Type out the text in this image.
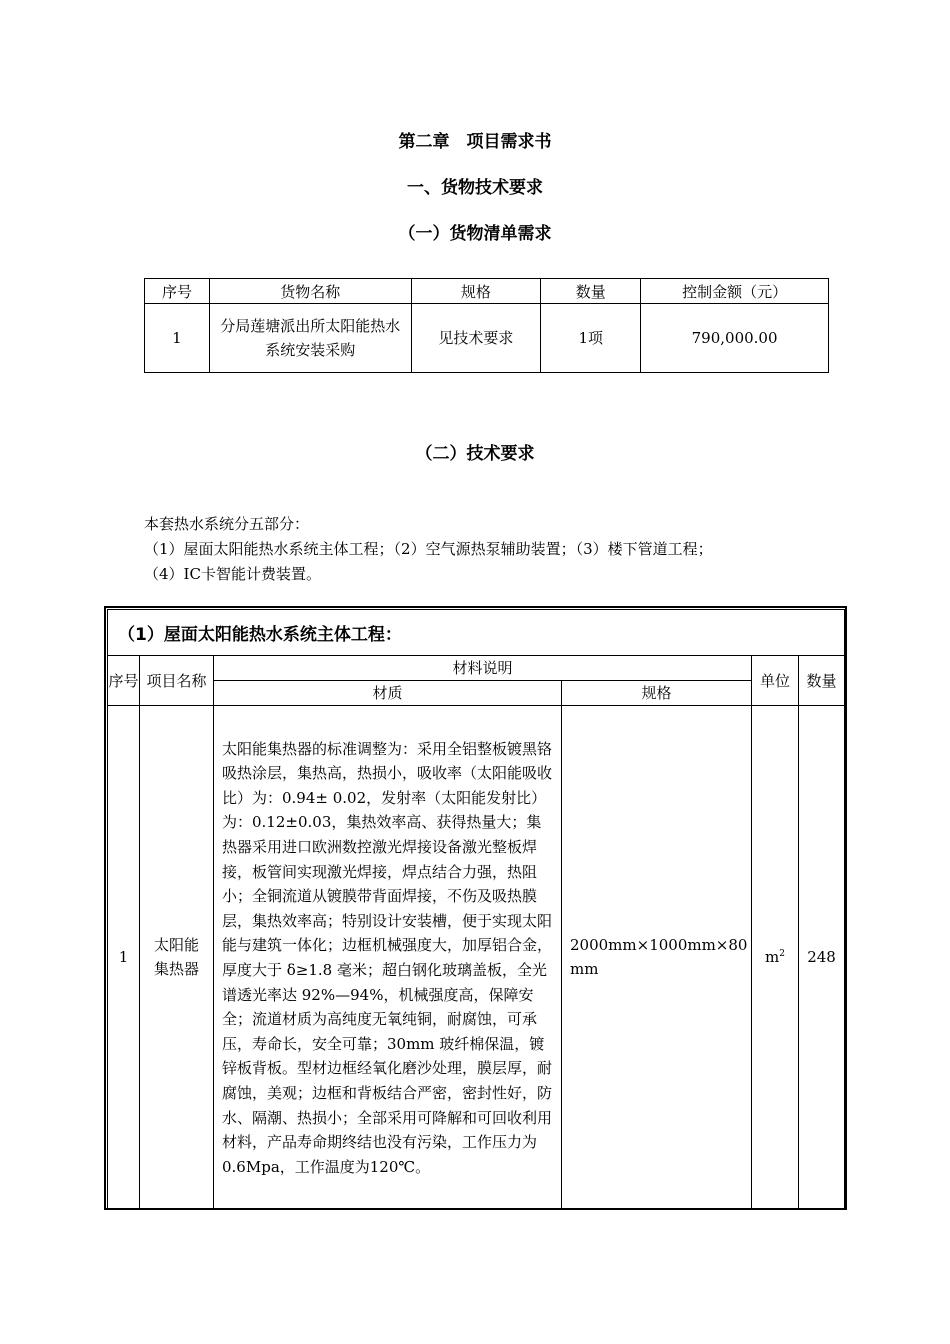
第二章　项目需求书
一、货物技术要求
（一）货物清单需求
序号	货物名称	规格	数量	控制金额（元）
1	分局莲塘派出所太阳能热水系统安装采购	见技术要求	1项	790,000.00
（二）技术要求
本套热水系统分五部分：
（1）屋面太阳能热水系统主体工程；（2）空气源热泵辅助装置；（3）楼下管道工程；
（4）IC卡智能计费装置。
（1）屋面太阳能热水系统主体工程：					
序号	项目名称	材料说明		单位	数量
		材质	规格		
1	太阳能集热器	太阳能集热器的标准调整为：采用全铝整板镀黑铬吸热涂层，集热高，热损小，吸收率（太阳能吸收比）为：0.94± 0.02，发射率（太阳能发射比）为：0.12±0.03，集热效率高、获得热量大；集热器采用进口欧洲数控激光焊接设备激光整板焊接，板管间实现激光焊接，焊点结合力强，热阻小；全铜流道从镀膜带背面焊接，不伤及吸热膜层，集热效率高；特别设计安装槽，便于实现太阳能与建筑一体化；边框机械强度大，加厚铝合金，厚度大于 δ≥1.8 毫米；超白钢化玻璃盖板，全光谱透光率达 92%—94%，机械强度高，保障安全；流道材质为高纯度无氧纯铜，耐腐蚀，可承压，寿命长，安全可靠；30mm 玻纤棉保温，镀锌板背板。型材边框经氧化磨沙处理，膜层厚，耐腐蚀，美观；边框和背板结合严密，密封性好，防水、隔潮、热损小；全部采用可降解和可回收利用材料，产品寿命期终结也没有污染，工作压力为0.6Mpa，工作温度为120℃。	2000mm×1000mm×80mm	$m^2$	248
